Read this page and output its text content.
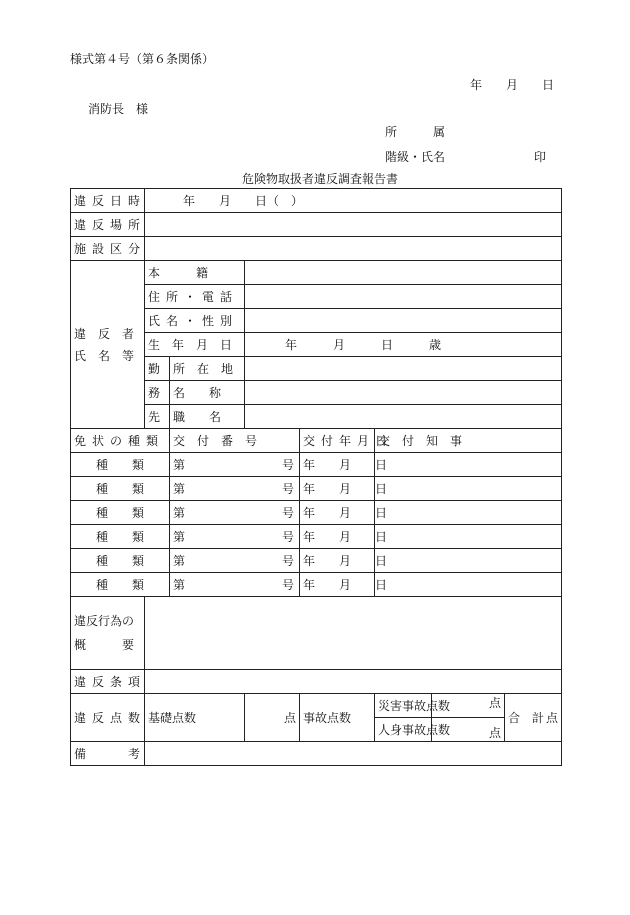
様式第４号（第６条関係）
年　　月　　日
消防長　様
所　　　属
階級・氏名	印
危険物取扱者違反調査報告書
違反日時	年　　月　　日（　）						
違反場所							
施設区分							

違　反　者
氏　名　等	本　　　籍						
	住所・電話						
	氏名・性別						
	生　年　月　日		年　　　月　　　日　　　歳				
	勤	所　在　地					
	務	名　　称					
	先	職　　名					
免状の種類		交　付　番　号		交付年月日	交　付　知　事		
種　　類		第 号		年　　月　　日			
種　　類		第 号		年　　月　　日			
種　　類		第 号		年　　月　　日			
種　　類		第 号		年　　月　　日			
種　　類		第 号		年　　月　　日			
種　　類		第 号		年　　月　　日			

違反行為の
概　　　要							

違反条項							
違反点数	基礎点数		点	事故点数	災害事故点数	点	合　計 点
					人身事故点数	点	
備　　考							
